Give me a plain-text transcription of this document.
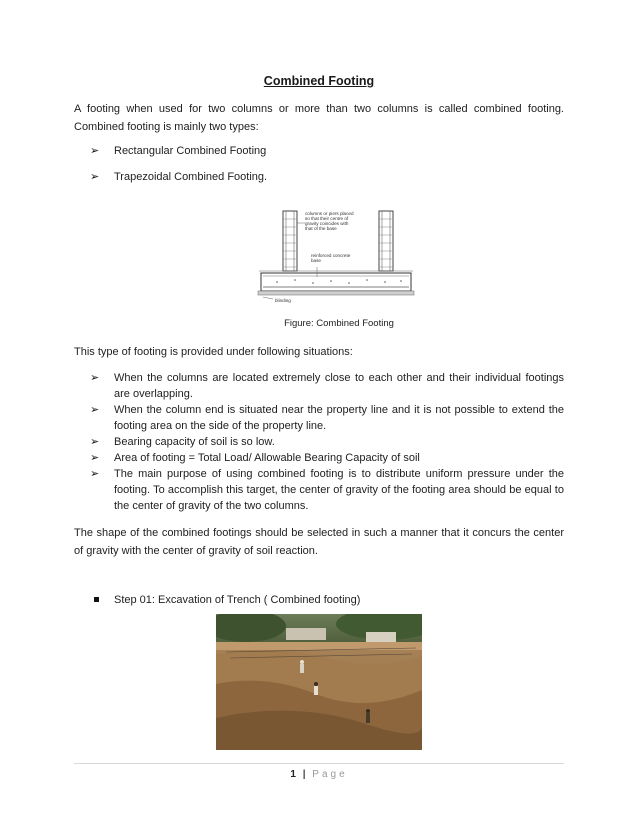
Combined Footing
A footing when used for two columns or more than two columns is called combined footing. Combined footing is mainly two types:
➢ Rectangular Combined Footing
➢ Trapezoidal Combined Footing.
columns or piers placed so that their centre of gravity coincides with that of the base
reinforced concrete base
blinding
Figure: Combined Footing
This type of footing is provided under following situations:
➢ When the columns are located extremely close to each other and their individual footings are overlapping.
➢ When the column end is situated near the property line and it is not possible to extend the footing area on the side of the property line.
➢ Bearing capacity of soil is so low.
➢ Area of footing = Total Load/ Allowable Bearing Capacity of soil
➢ The main purpose of using combined footing is to distribute uniform pressure under the footing. To accomplish this target, the center of gravity of the footing area should be equal to the center of gravity of the two columns.
The shape of the combined footings should be selected in such a manner that it concurs the center of gravity with the center of gravity of soil reaction.
Step 01: Excavation of Trench ( Combined footing)
1 | Page
